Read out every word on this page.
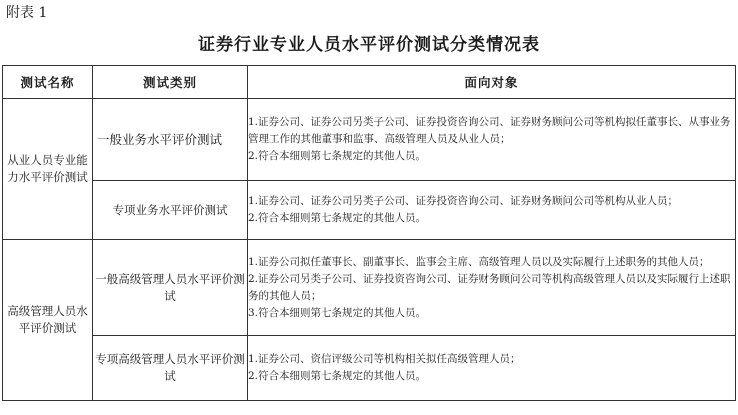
附表 1
证券行业专业人员水平评价测试分类情况表
测试名称	测试类别	面向对象
从业人员专业能力水平评价测试	一般业务水平评价测试	1.证券公司、证券公司另类子公司、证券投资咨询公司、证券财务顾问公司等机构拟任董事长、从事业务管理工作的其他董事和监事、高级管理人员及从业人员；
2.符合本细则第七条规定的其他人员。

	专项业务水平评价测试	1.证券公司、证券公司另类子公司、证券投资咨询公司、证券财务顾问公司等机构从业人员；
2.符合本细则第七条规定的其他人员。

高级管理人员水平评价测试	一般高级管理人员水平评价测试	1.证券公司拟任董事长、副董事长、监事会主席、高级管理人员以及实际履行上述职务的其他人员；
2.证券公司另类子公司、证券投资咨询公司、证券财务顾问公司等机构高级管理人员以及实际履行上述职务的其他人员；
3.符合本细则第七条规定的其他人员。

	专项高级管理人员水平评价测试	1.证券公司、资信评级公司等机构相关拟任高级管理人员；
2.符合本细则第七条规定的其他人员。
